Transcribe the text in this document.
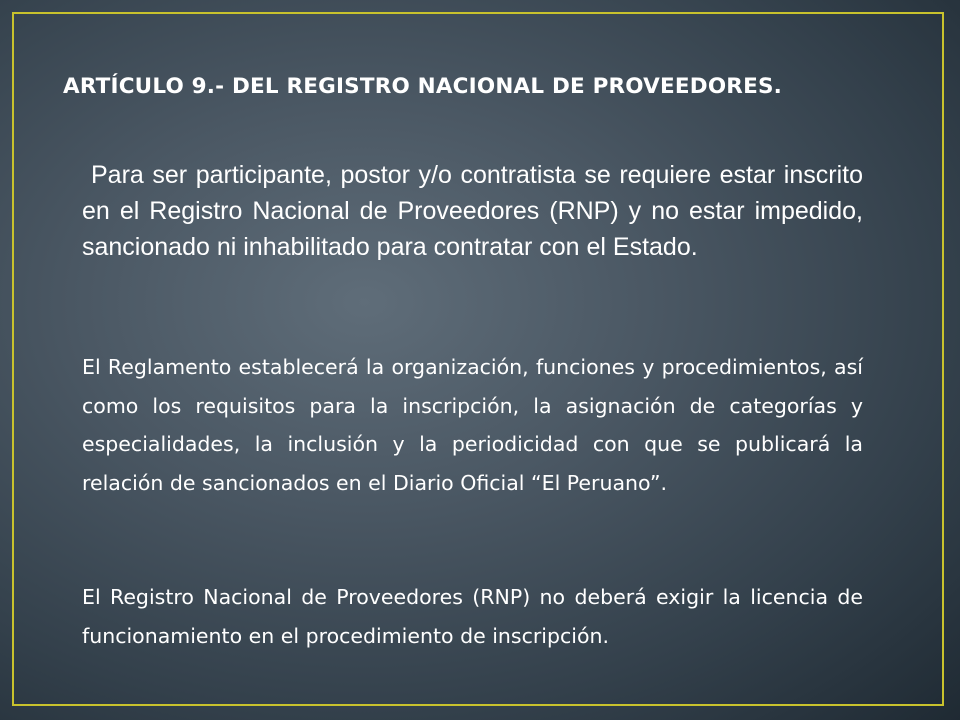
ARTÍCULO 9.- DEL REGISTRO NACIONAL DE PROVEEDORES.

Para ser participante, postor y/o contratista se requiere estar inscrito en el Registro Nacional de Proveedores (RNP) y no estar impedido, sancionado ni inhabilitado para contratar con el Estado.

El Reglamento establecerá la organización, funciones y procedimientos, así como los requisitos para la inscripción, la asignación de categorías y especialidades, la inclusión y la periodicidad con que se publicará la relación de sancionados en el Diario Oficial “El Peruano”.

El Registro Nacional de Proveedores (RNP) no deberá exigir la licencia de funcionamiento en el procedimiento de inscripción.
